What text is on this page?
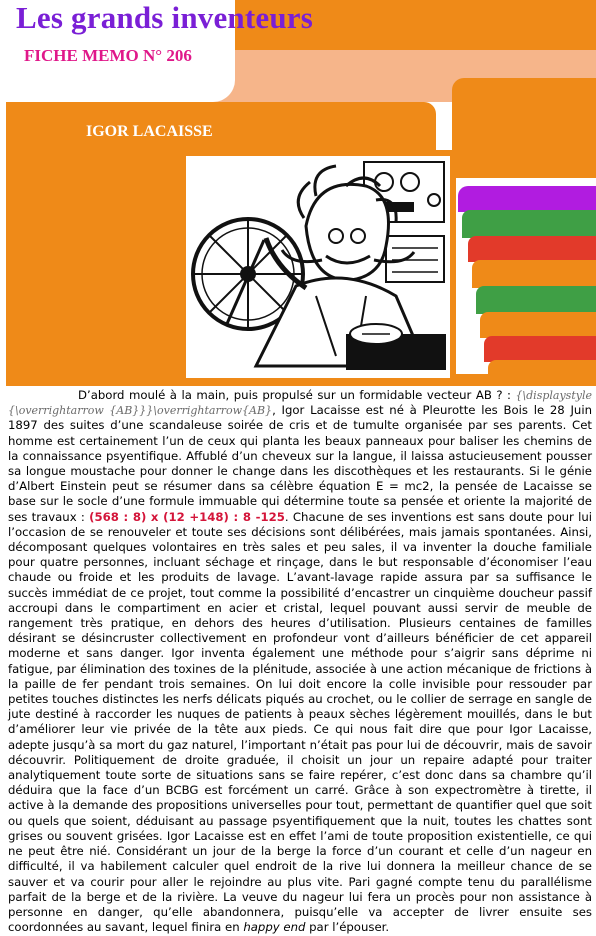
Les grands inventeurs
FICHE MEMO N° 206
IGOR LACAISSE

D’abord moulé à la main, puis propulsé sur un formidable vecteur AB ? : {\displaystyle {\overrightarrow {AB}}}\overrightarrow{AB}, Igor Lacaisse est né à Pleurotte les Bois le 28 Juin 1897 des suites d’une scandaleuse soirée de cris et de tumulte organisée par ses parents. Cet homme est certainement l’un de ceux qui planta les beaux panneaux pour baliser les chemins de la connaissance psyentifique. Affublé d’un cheveux sur la langue, il laissa astucieusement pousser sa longue moustache pour donner le change dans les discothèques et les restaurants. Si le génie d’Albert Einstein peut se résumer dans sa célèbre équation E = mc2, la pensée de Lacaisse se base sur le socle d’une formule immuable qui détermine toute sa pensée et oriente la majorité de ses travaux : (568 : 8) x (12 +148) : 8 -125. Chacune de ses inventions est sans doute pour lui l’occasion de se renouveler et toute ses décisions sont délibérées, mais jamais spontanées. Ainsi, décomposant quelques volontaires en très sales et peu sales, il va inventer la douche familiale pour quatre personnes, incluant séchage et rinçage, dans le but responsable d’économiser l’eau chaude ou froide et les produits de lavage. L’avant-lavage rapide assura par sa suffisance le succès immédiat de ce projet, tout comme la possibilité d’encastrer un cinquième doucheur passif accroupi dans le compartiment en acier et cristal, lequel pouvant aussi servir de meuble de rangement très pratique, en dehors des heures d’utilisation. Plusieurs centaines de familles désirant se désincruster collectivement en profondeur vont d’ailleurs bénéficier de cet appareil moderne et sans danger. Igor inventa également une méthode pour s’aigrir sans déprime ni fatigue, par élimination des toxines de la plénitude, associée à une action mécanique de frictions à la paille de fer pendant trois semaines. On lui doit encore la colle invisible pour ressouder par petites touches distinctes les nerfs délicats piqués au crochet, ou le collier de serrage en sangle de jute destiné à raccorder les nuques de patients à peaux sèches légèrement mouillés, dans le but d’améliorer leur vie privée de la tête aux pieds. Ce qui nous fait dire que pour Igor Lacaisse, adepte jusqu’à sa mort du gaz naturel, l’important n’était pas pour lui de découvrir, mais de savoir découvrir. Politiquement de droite graduée, il choisit un jour un repaire adapté pour traiter analytiquement toute sorte de situations sans se faire repérer, c’est donc dans sa chambre qu’il déduira que la face d’un BCBG est forcément un carré. Grâce à son expectromètre à tirette, il active à la demande des propositions universelles pour tout, permettant de quantifier quel que soit ou quels que soient, déduisant au passage psyentifiquement que la nuit, toutes les chattes sont grises ou souvent grisées. Igor Lacaisse est en effet l’ami de toute proposition existentielle, ce qui ne peut être nié. Considérant un jour de la berge la force d’un courant et celle d’un nageur en difficulté, il va habilement calculer quel endroit de la rive lui donnera la meilleur chance de se sauver et va courir pour aller le rejoindre au plus vite. Pari gagné compte tenu du parallélisme parfait de la berge et de la rivière. La veuve du nageur lui fera un procès pour non assistance à personne en danger, qu’elle abandonnera, puisqu’elle va accepter de livrer ensuite ses coordonnées au savant, lequel finira en happy end par l’épouser.
